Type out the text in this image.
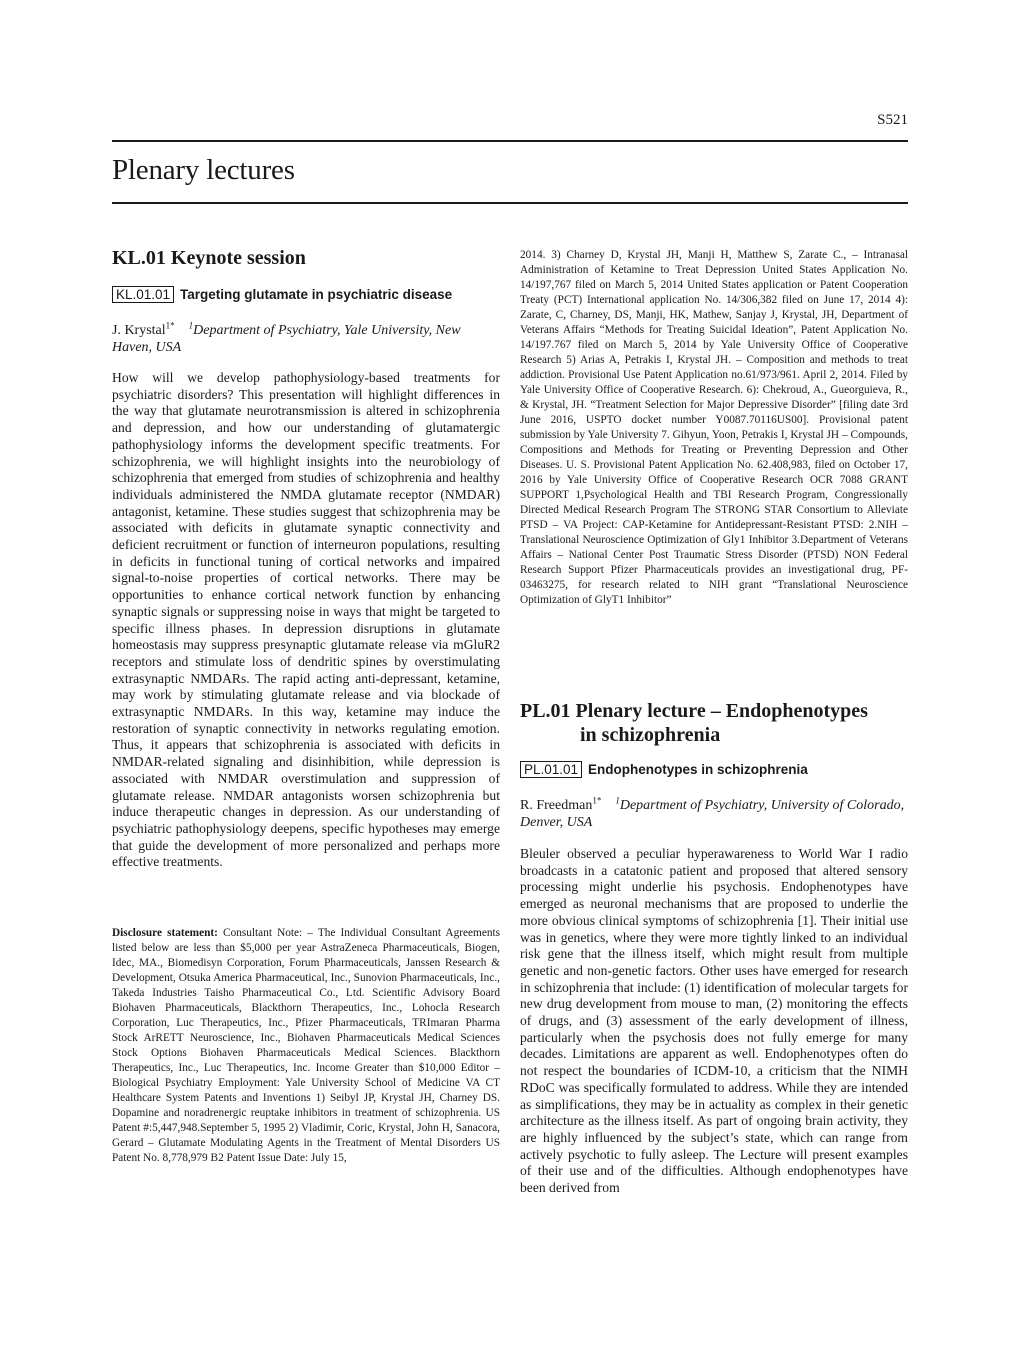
S521
Plenary lectures
KL.01 Keynote session
KL.01.01 Targeting glutamate in psychiatric disease
J. Krystal$^{1*}$ $^1$Department of Psychiatry, Yale University, New Haven, USA

How will we develop pathophysiology-based treatments for psychiatric disorders? This presentation will highlight differences in the way that glutamate neurotransmission is altered in schizophrenia and depression, and how our understanding of glutamatergic pathophysiology informs the development specific treatments. For schizophrenia, we will highlight insights into the neurobiology of schizophrenia that emerged from studies of schizophrenia and healthy individuals administered the NMDA glutamate receptor (NMDAR) antagonist, ketamine. These studies suggest that schizophrenia may be associated with deficits in glutamate synaptic connectivity and deficient recruitment or function of interneuron populations, resulting in deficits in functional tuning of cortical networks and impaired signal-to-noise properties of cortical networks. There may be opportunities to enhance cortical network function by enhancing synaptic signals or suppressing noise in ways that might be targeted to specific illness phases. In depression disruptions in glutamate homeostasis may suppress presynaptic glutamate release via mGluR2 receptors and stimulate loss of dendritic spines by overstimulating extrasynaptic NMDARs. The rapid acting anti-depressant, ketamine, may work by stimulating glutamate release and via blockade of extrasynaptic NMDARs. In this way, ketamine may induce the restoration of synaptic connectivity in networks regulating emotion. Thus, it appears that schizophrenia is associated with deficits in NMDAR-related signaling and disinhibition, while depression is associated with NMDAR overstimulation and suppression of glutamate release. NMDAR antagonists worsen schizophrenia but induce therapeutic changes in depression. As our understanding of psychiatric pathophysiology deepens, specific hypotheses may emerge that guide the development of more personalized and perhaps more effective treatments.

Disclosure statement: Consultant Note: – The Individual Consultant Agreements listed below are less than $5,000 per year AstraZeneca Pharmaceuticals, Biogen, Idec, MA., Biomedisyn Corporation, Forum Pharmaceuticals, Janssen Research & Development, Otsuka America Pharmaceutical, Inc., Sunovion Pharmaceuticals, Inc., Takeda Industries Taisho Pharmaceutical Co., Ltd. Scientific Advisory Board Biohaven Pharmaceuticals, Blackthorn Therapeutics, Inc., Lohocla Research Corporation, Luc Therapeutics, Inc., Pfizer Pharmaceuticals, TRImaran Pharma Stock ArRETT Neuroscience, Inc., Biohaven Pharmaceuticals Medical Sciences Stock Options Biohaven Pharmaceuticals Medical Sciences. Blackthorn Therapeutics, Inc., Luc Therapeutics, Inc. Income Greater than $10,000 Editor – Biological Psychiatry Employment: Yale University School of Medicine VA CT Healthcare System Patents and Inventions 1) Seibyl JP, Krystal JH, Charney DS. Dopamine and noradrenergic reuptake inhibitors in treatment of schizophrenia. US Patent #:5,447,948.September 5, 1995 2) Vladimir, Coric, Krystal, John H, Sanacora, Gerard – Glutamate Modulating Agents in the Treatment of Mental Disorders US Patent No. 8,778,979 B2 Patent Issue Date: July 15,

2014. 3) Charney D, Krystal JH, Manji H, Matthew S, Zarate C., – Intranasal Administration of Ketamine to Treat Depression United States Application No. 14/197,767 filed on March 5, 2014 United States application or Patent Cooperation Treaty (PCT) International application No. 14/306,382 filed on June 17, 2014 4): Zarate, C, Charney, DS, Manji, HK, Mathew, Sanjay J, Krystal, JH, Department of Veterans Affairs “Methods for Treating Suicidal Ideation”, Patent Application No. 14/197.767 filed on March 5, 2014 by Yale University Office of Cooperative Research 5) Arias A, Petrakis I, Krystal JH. – Composition and methods to treat addiction. Provisional Use Patent Application no.61/973/961. April 2, 2014. Filed by Yale University Office of Cooperative Research. 6): Chekroud, A., Gueorguieva, R., & Krystal, JH. “Treatment Selection for Major Depressive Disorder” [filing date 3rd June 2016, USPTO docket number Y0087.70116US00]. Provisional patent submission by Yale University 7. Gihyun, Yoon, Petrakis I, Krystal JH – Compounds, Compositions and Methods for Treating or Preventing Depression and Other Diseases. U. S. Provisional Patent Application No. 62.408,983, filed on October 17, 2016 by Yale University Office of Cooperative Research OCR 7088 GRANT SUPPORT 1,Psychological Health and TBI Research Program, Congressionally Directed Medical Research Program The STRONG STAR Consortium to Alleviate PTSD – VA Project: CAP-Ketamine for Antidepressant-Resistant PTSD: 2.NIH – Translational Neuroscience Optimization of Gly1 Inhibitor 3.Department of Veterans Affairs – National Center Post Traumatic Stress Disorder (PTSD) NON Federal Research Support Pfizer Pharmaceuticals provides an investigational drug, PF-03463275, for research related to NIH grant “Translational Neuroscience Optimization of GlyT1 Inhibitor”

PL.01 Plenary lecture – Endophenotypes
in schizophrenia
PL.01.01 Endophenotypes in schizophrenia
R. Freedman$^{1*}$ $^1$Department of Psychiatry, University of Colorado, Denver, USA

Bleuler observed a peculiar hyperawareness to World War I radio broadcasts in a catatonic patient and proposed that altered sensory processing might underlie his psychosis. Endophenotypes have emerged as neuronal mechanisms that are proposed to underlie the more obvious clinical symptoms of schizophrenia [1]. Their initial use was in genetics, where they were more tightly linked to an individual risk gene that the illness itself, which might result from multiple genetic and non-genetic factors. Other uses have emerged for research in schizophrenia that include: (1) identification of molecular targets for new drug development from mouse to man, (2) monitoring the effects of drugs, and (3) assessment of the early development of illness, particularly when the psychosis does not fully emerge for many decades. Limitations are apparent as well. Endophenotypes often do not respect the boundaries of ICDM-10, a criticism that the NIMH RDoC was specifically formulated to address. While they are intended as simplifications, they may be in actuality as complex in their genetic architecture as the illness itself. As part of ongoing brain activity, they are highly influenced by the subject’s state, which can range from actively psychotic to fully asleep. The Lecture will present examples of their use and of the difficulties. Although endophenotypes have been derived from
